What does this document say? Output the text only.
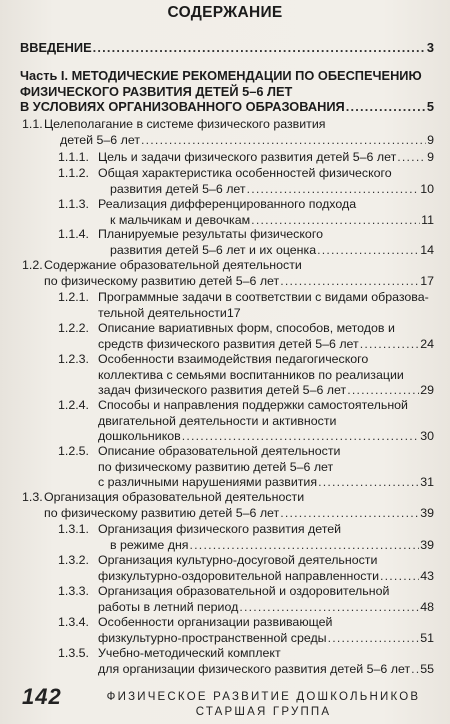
СОДЕРЖАНИЕ
ВВЕДЕНИЕ .....	3
Часть I. МЕТОДИЧЕСКИЕ РЕКОМЕНДАЦИИ ПО ОБЕСПЕЧЕНИЮ
ФИЗИЧЕСКОГО РАЗВИТИЯ ДЕТЕЙ 5–6 ЛЕТ
В УСЛОВИЯХ ОРГАНИЗОВАННОГО ОБРАЗОВАНИЯ .....	5
1.1. Целеполагание в системе физического развития
детей 5–6 лет .....	9
1.1.1. Цель и задачи физического развития детей 5–6 лет ..... 9
1.1.2. Общая характеристика особенностей физического
развития детей 5–6 лет .....	10
1.1.3. Реализация дифференцированного подхода
к мальчикам и девочкам .....	11
1.1.4. Планируемые результаты физического
развития детей 5–6 лет и их оценка .....	14
1.2. Содержание образовательной деятельности
по физическому развитию детей 5–6 лет .....	17
1.2.1. Программные задачи в соответствии с видами образова-
тельной деятельности17
1.2.2. Описание вариативных форм, способов, методов и
средств физического развития детей 5–6 лет .....	24
1.2.3. Особенности взаимодействия педагогического
коллектива с семьями воспитанников по реализации
задач физического развития детей 5–6 лет .....	29
1.2.4. Способы и направления поддержки самостоятельной
двигательной деятельности и активности
дошкольников .....	30
1.2.5. Описание образовательной деятельности
по физическому развитию детей 5–6 лет
с различными нарушениями развития .....	31
1.3. Организация образовательной деятельности
по физическому развитию детей 5–6 лет .....	39
1.3.1. Организация физического развития детей
в режиме дня .....	39
1.3.2. Организация культурно-досуговой деятельности
физкультурно-оздоровительной направленности .....	43
1.3.3. Организация образовательной и оздоровительной
работы в летний период .....	48
1.3.4. Особенности организации развивающей
физкультурно-пространственной среды .....	51
1.3.5. Учебно-методический комплект
для организации физического развития детей 5–6 лет ..... 55
142	ФИЗИЧЕСКОЕ РАЗВИТИЕ ДОШКОЛЬНИКОВ
СТАРШАЯ ГРУППА
